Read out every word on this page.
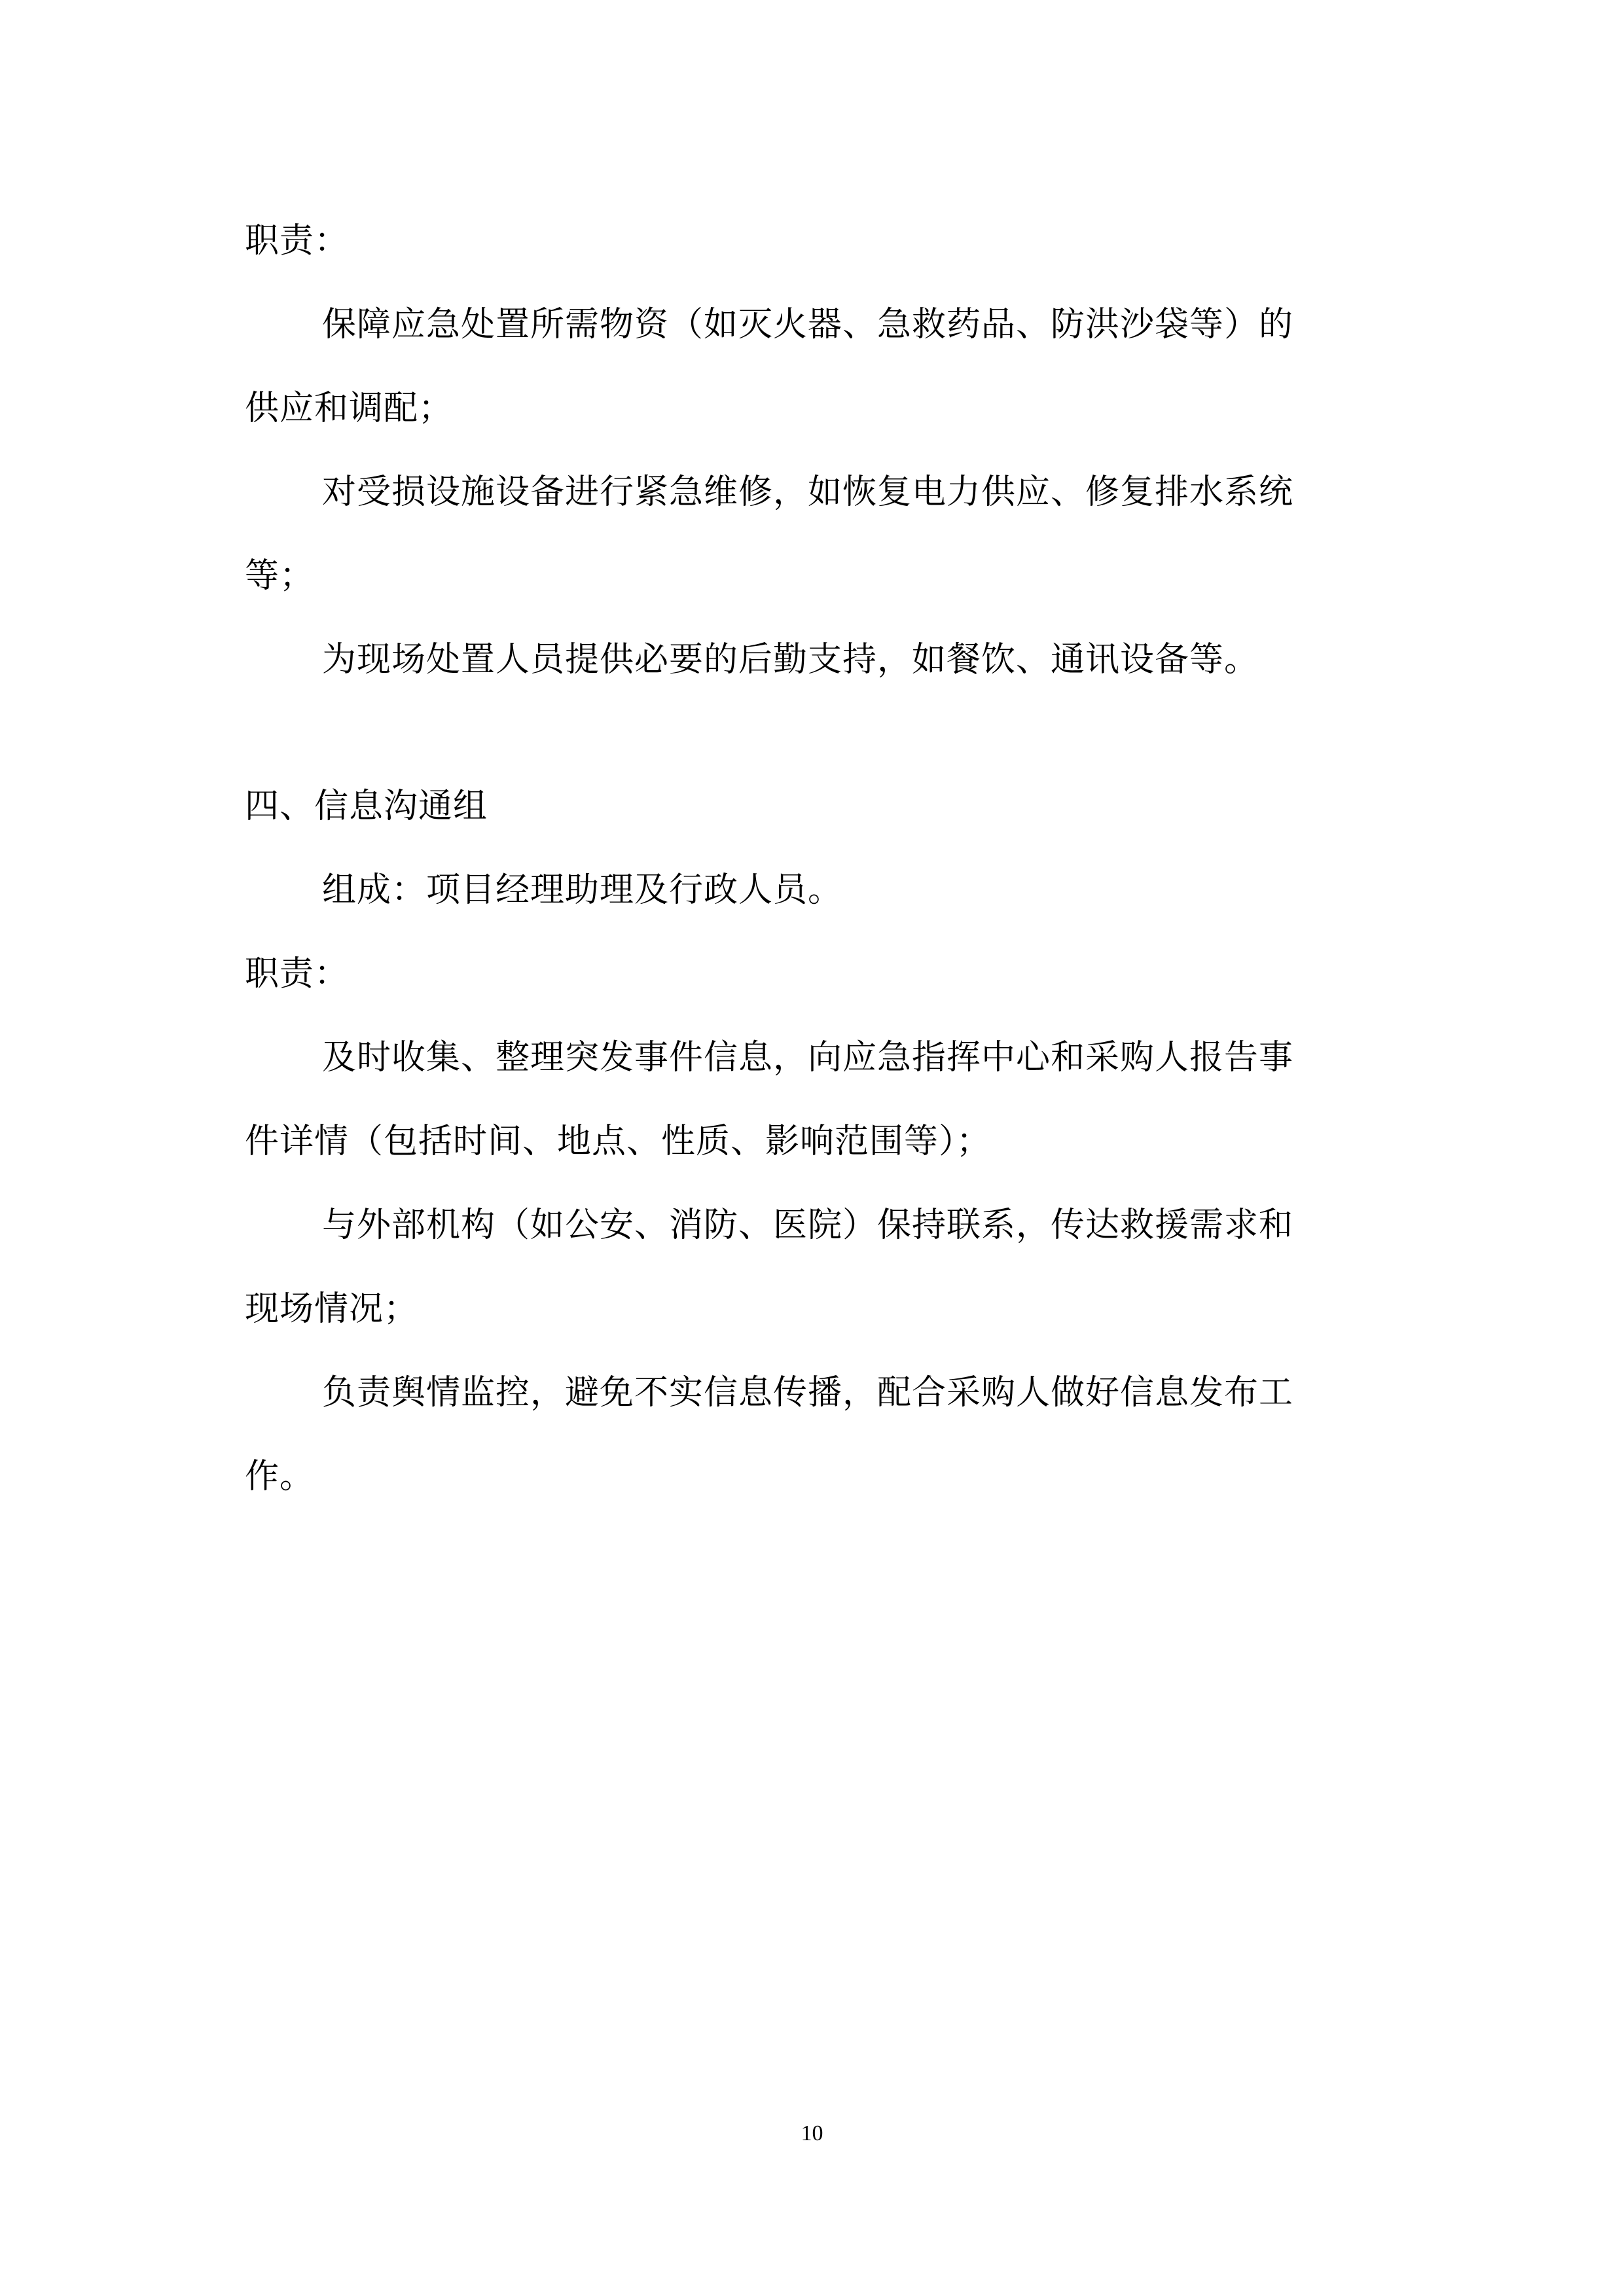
职责：
保障应急处置所需物资（如灭火器、急救药品、防洪沙袋等）的
供应和调配；
对受损设施设备进行紧急维修，如恢复电力供应、修复排水系统
等；
为现场处置人员提供必要的后勤支持，如餐饮、通讯设备等。
四、信息沟通组
组成：项目经理助理及行政人员。
职责：
及时收集、整理突发事件信息，向应急指挥中心和采购人报告事
件详情（包括时间、地点、性质、影响范围等）；
与外部机构（如公安、消防、医院）保持联系，传达救援需求和
现场情况；
负责舆情监控，避免不实信息传播，配合采购人做好信息发布工
作。
10
